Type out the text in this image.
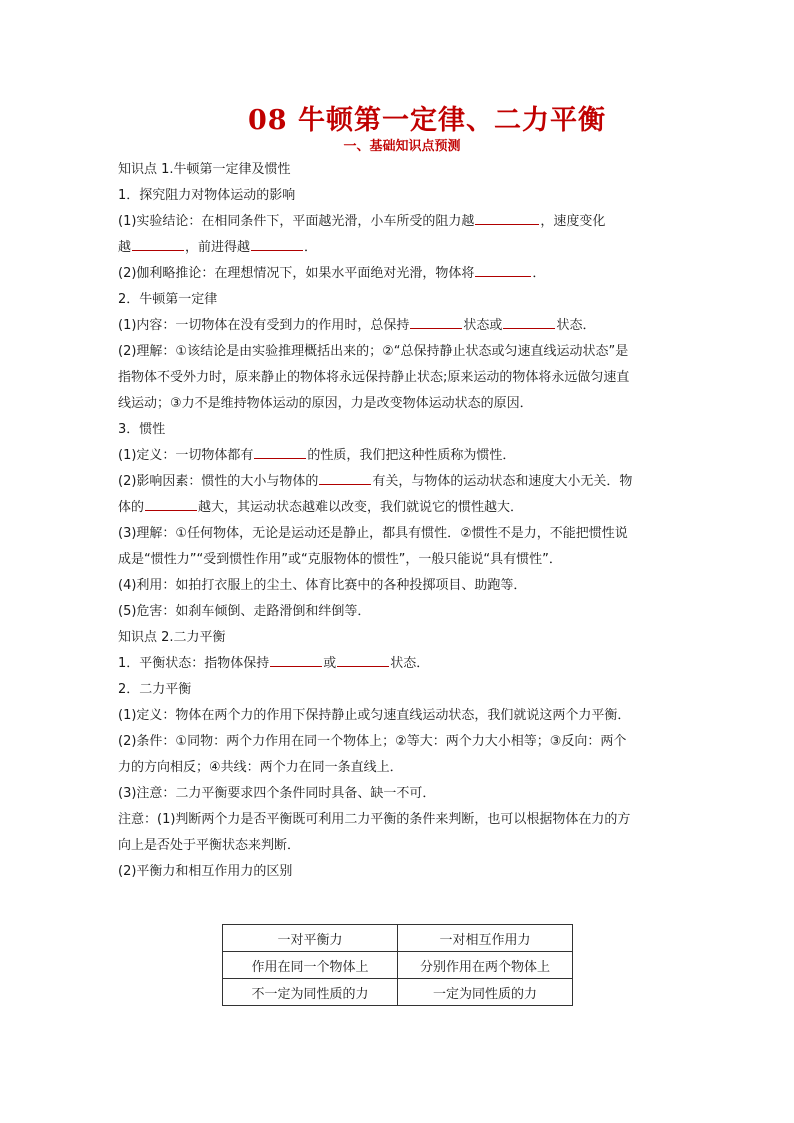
08 牛顿第一定律、二力平衡
一、基础知识点预测

知识点 1.牛顿第一定律及惯性

1．探究阻力对物体运动的影响

(1)实验结论：在相同条件下，平面越光滑，小车所受的阻力越	，速度变化

越	，前进得越	．

(2)伽利略推论：在理想情况下，如果水平面绝对光滑，物体将	．

2．牛顿第一定律

(1)内容：一切物体在没有受到力的作用时，总保持	状态或	状态．

(2)理解：①该结论是由实验推理概括出来的；②“总保持静止状态或匀速直线运动状态”是

指物体不受外力时，原来静止的物体将永远保持静止状态;原来运动的物体将永远做匀速直

线运动；③力不是维持物体运动的原因，力是改变物体运动状态的原因．

3．惯性

(1)定义：一切物体都有	的性质，我们把这种性质称为惯性．

(2)影响因素：惯性的大小与物体的	有关，与物体的运动状态和速度大小无关．物

体的	越大，其运动状态越难以改变，我们就说它的惯性越大．

(3)理解：①任何物体，无论是运动还是静止，都具有惯性．②惯性不是力，不能把惯性说

成是“惯性力”“受到惯性作用”或“克服物体的惯性”，一般只能说“具有惯性”．

(4)利用：如拍打衣服上的尘土、体育比赛中的各种投掷项目、助跑等．

(5)危害：如刹车倾倒、走路滑倒和绊倒等．

知识点 2.二力平衡

1．平衡状态：指物体保持	或	状态．

2．二力平衡

(1)定义：物体在两个力的作用下保持静止或匀速直线运动状态，我们就说这两个力平衡．

(2)条件：①同物：两个力作用在同一个物体上；②等大：两个力大小相等；③反向：两个

力的方向相反；④共线：两个力在同一条直线上．

(3)注意：二力平衡要求四个条件同时具备、缺一不可．

注意：(1)判断两个力是否平衡既可利用二力平衡的条件来判断，也可以根据物体在力的方

向上是否处于平衡状态来判断．

(2)平衡力和相互作用力的区别

一对平衡力	一对相互作用力
作用在同一个物体上	分别作用在两个物体上
不一定为同性质的力	一定为同性质的力
